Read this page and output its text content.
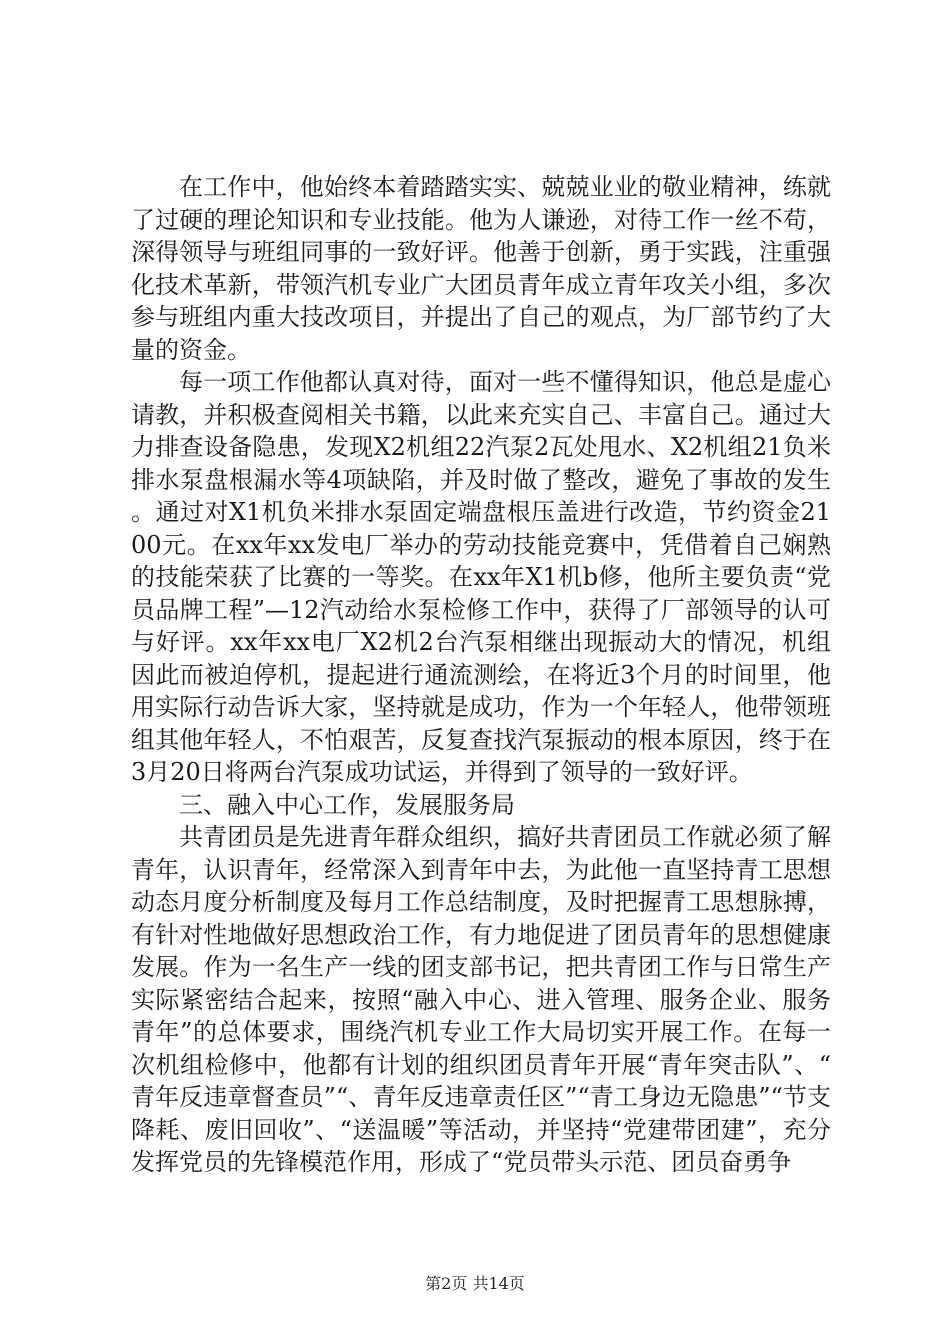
在工作中，他始终本着踏踏实实、兢兢业业的敬业精神，练就了过硬的理论知识和专业技能。他为人谦逊，对待工作一丝不苟，深得领导与班组同事的一致好评。他善于创新，勇于实践，注重强化技术革新，带领汽机专业广大团员青年成立青年攻关小组，多次参与班组内重大技改项目，并提出了自己的观点，为厂部节约了大量的资金。

每一项工作他都认真对待，面对一些不懂得知识，他总是虚心请教，并积极查阅相关书籍，以此来充实自己、丰富自己。通过大力排查设备隐患，发现X2机组22汽泵2瓦处甩水、X2机组21负米排水泵盘根漏水等4项缺陷，并及时做了整改，避免了事故的发生。通过对X1机负米排水泵固定端盘根压盖进行改造，节约资金2100元。在xx年xx发电厂举办的劳动技能竞赛中，凭借着自己娴熟的技能荣获了比赛的一等奖。在xx年X1机b修，他所主要负责“党员品牌工程”—12汽动给水泵检修工作中，获得了厂部领导的认可与好评。xx年xx电厂X2机2台汽泵相继出现振动大的情况，机组因此而被迫停机，提起进行通流测绘，在将近3个月的时间里，他用实际行动告诉大家，坚持就是成功，作为一个年轻人，他带领班组其他年轻人，不怕艰苦，反复查找汽泵振动的根本原因，终于在3月20日将两台汽泵成功试运，并得到了领导的一致好评。

三、融入中心工作，发展服务局

共青团员是先进青年群众组织，搞好共青团员工作就必须了解青年，认识青年，经常深入到青年中去，为此他一直坚持青工思想动态月度分析制度及每月工作总结制度，及时把握青工思想脉搏，有针对性地做好思想政治工作，有力地促进了团员青年的思想健康发展。作为一名生产一线的团支部书记，把共青团工作与日常生产实际紧密结合起来，按照“融入中心、进入管理、服务企业、服务青年”的总体要求，围绕汽机专业工作大局切实开展工作。在每一次机组检修中，他都有计划的组织团员青年开展“青年突击队”、“青年反违章督查员”“、青年反违章责任区”“青工身边无隐患”“节支降耗、废旧回收”、“送温暖”等活动，并坚持“党建带团建”，充分发挥党员的先锋模范作用，形成了“党员带头示范、团员奋勇争

第2页 共14页
